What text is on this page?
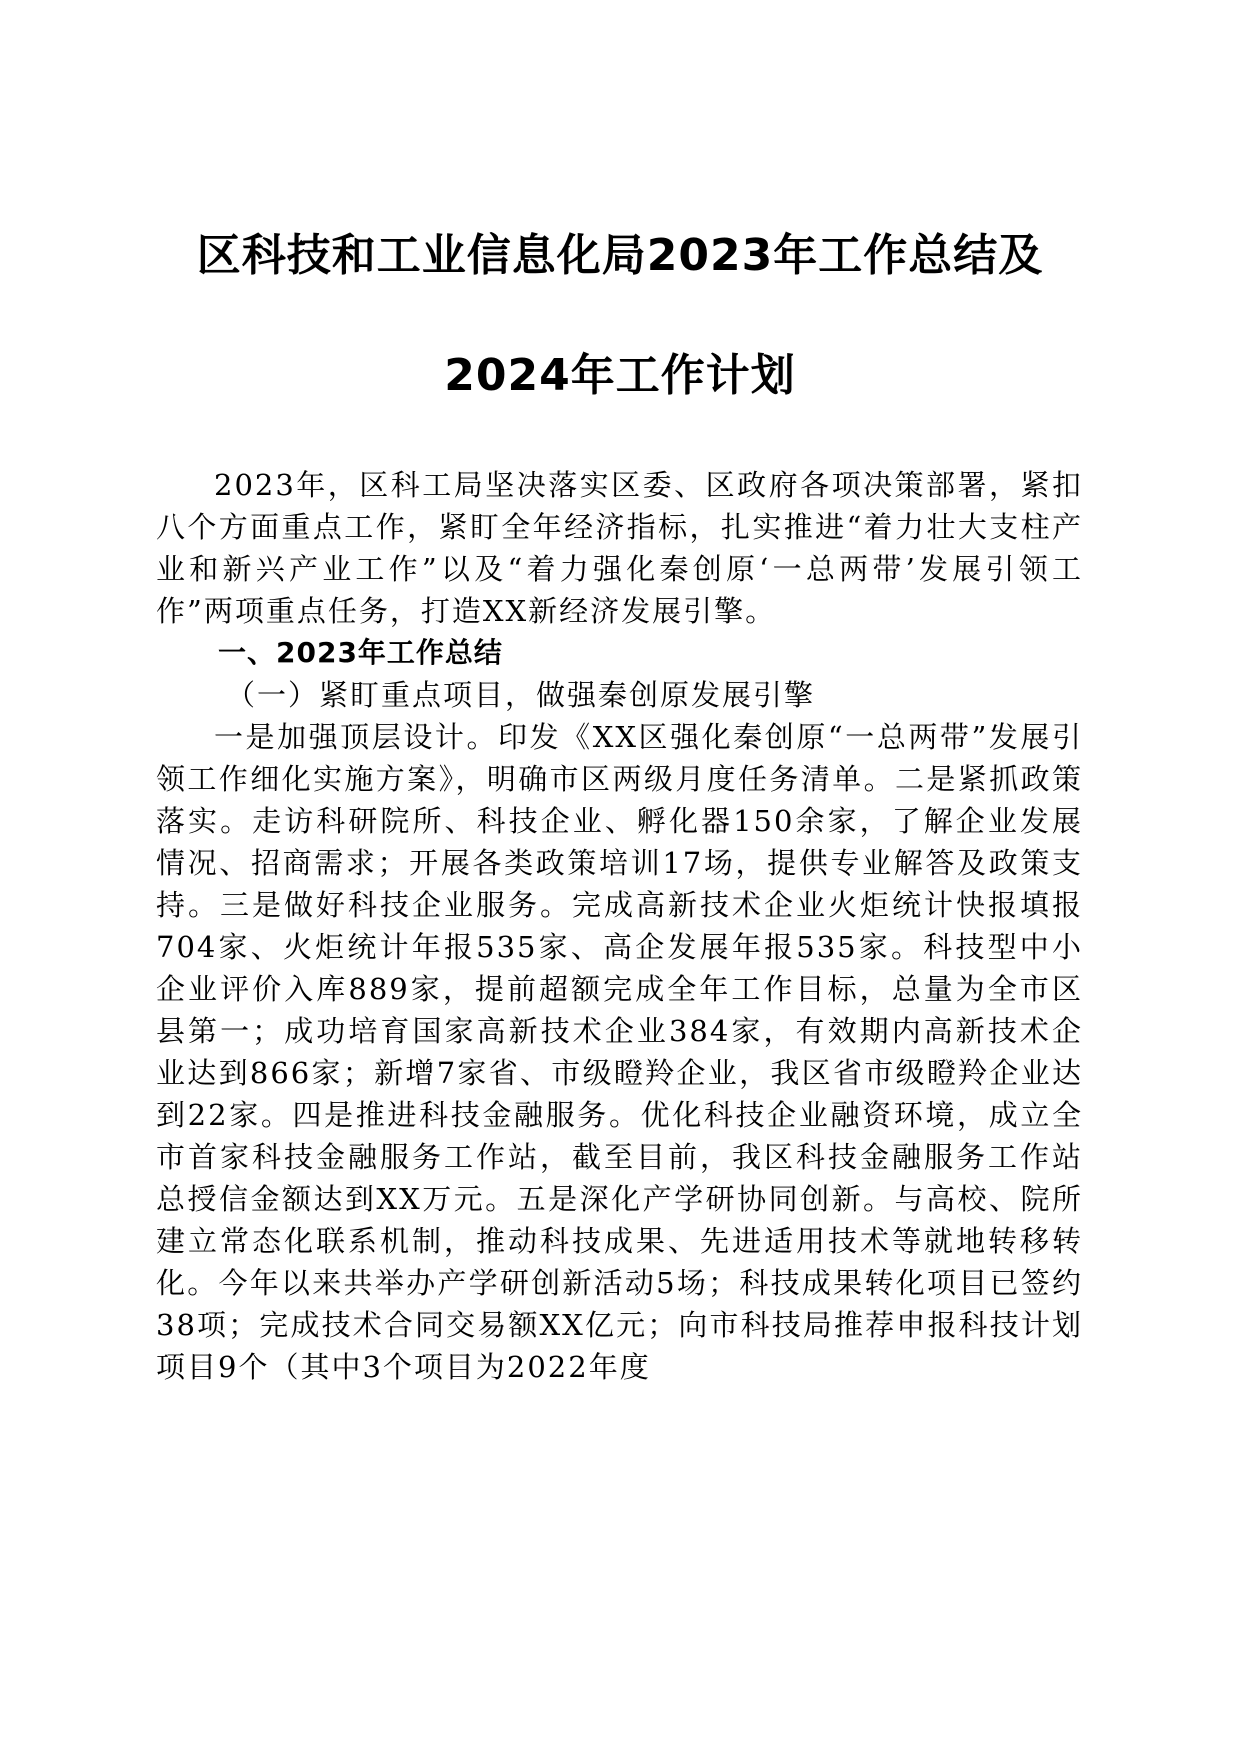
区科技和工业信息化局2023年工作总结及
2024年工作计划

2023年，区科工局坚决落实区委、区政府各项决策部署，紧扣八个方面重点工作，紧盯全年经济指标，扎实推进“着力壮大支柱产业和新兴产业工作”以及“着力强化秦创原‘一总两带’发展引领工作”两项重点任务，打造XX新经济发展引擎。

一、2023年工作总结

（一）紧盯重点项目，做强秦创原发展引擎

一是加强顶层设计。印发《XX区强化秦创原“一总两带”发展引领工作细化实施方案》，明确市区两级月度任务清单。二是紧抓政策落实。走访科研院所、科技企业、孵化器150余家，了解企业发展情况、招商需求；开展各类政策培训17场，提供专业解答及政策支持。三是做好科技企业服务。完成高新技术企业火炬统计快报填报704家、火炬统计年报535家、高企发展年报535家。科技型中小企业评价入库889家，提前超额完成全年工作目标，总量为全市区县第一；成功培育国家高新技术企业384家，有效期内高新技术企业达到866家；新增7家省、市级瞪羚企业，我区省市级瞪羚企业达到22家。四是推进科技金融服务。优化科技企业融资环境，成立全市首家科技金融服务工作站，截至目前，我区科技金融服务工作站总授信金额达到XX万元。五是深化产学研协同创新。与高校、院所建立常态化联系机制，推动科技成果、先进适用技术等就地转移转化。今年以来共举办产学研创新活动5场；科技成果转化项目已签约38项；完成技术合同交易额XX亿元；向市科技局推荐申报科技计划项目9个（其中3个项目为2022年度
